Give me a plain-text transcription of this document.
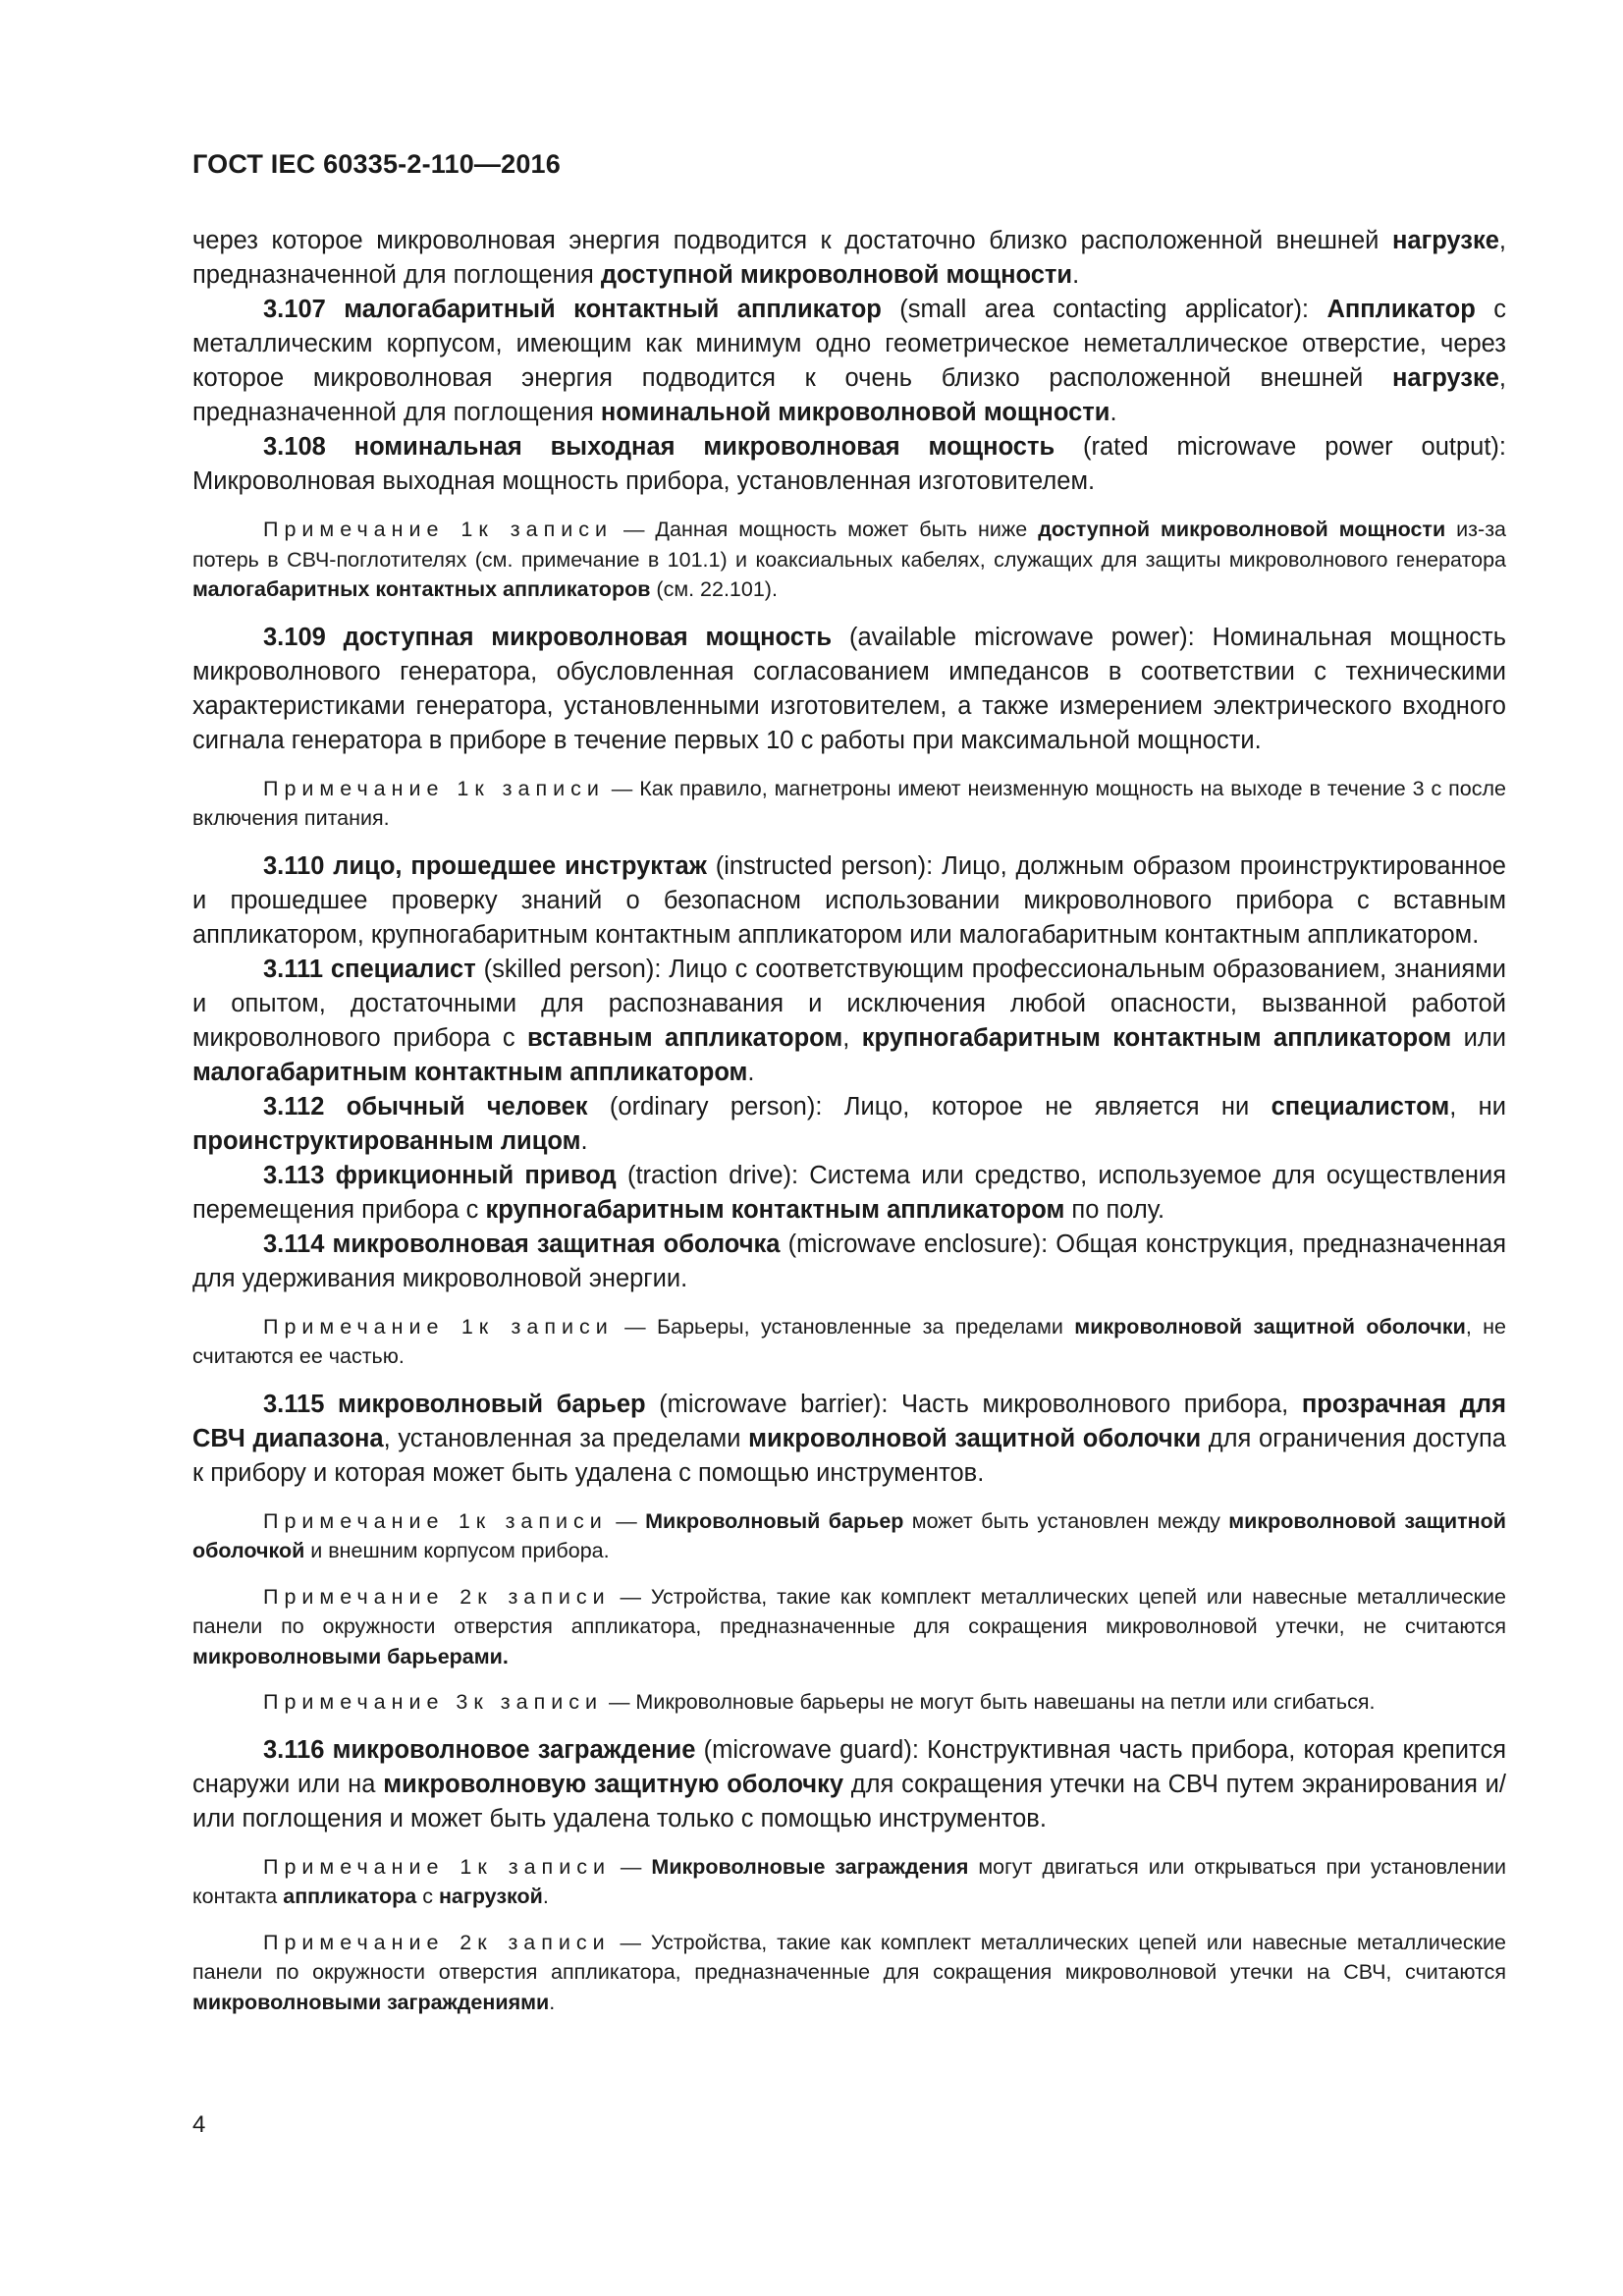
ГОСТ IEC 60335-2-110—2016

через которое микроволновая энергия подводится к достаточно близко расположенной внешней нагрузке, предназначенной для поглощения доступной микроволновой мощности.

3.107 малогабаритный контактный аппликатор (small area contacting applicator): Аппликатор с металлическим корпусом, имеющим как минимум одно геометрическое неметаллическое отверстие, через которое микроволновая энергия подводится к очень близко расположенной внешней нагрузке, предназначенной для поглощения номинальной микроволновой мощности.

3.108 номинальная выходная микроволновая мощность (rated microwave power output): Микроволновая выходная мощность прибора, установленная изготовителем.

Примечание 1к записи — Данная мощность может быть ниже доступной микроволновой мощности из-за потерь в СВЧ-поглотителях (см. примечание в 101.1) и коаксиальных кабелях, служащих для защиты микроволнового генератора малогабаритных контактных аппликаторов (см. 22.101).

3.109 доступная микроволновая мощность (available microwave power): Номинальная мощность микроволнового генератора, обусловленная согласованием импедансов в соответствии с техническими характеристиками генератора, установленными изготовителем, а также измерением электрического входного сигнала генератора в приборе в течение первых 10 с работы при максимальной мощности.

Примечание 1к записи — Как правило, магнетроны имеют неизменную мощность на выходе в течение 3 с после включения питания.

3.110 лицо, прошедшее инструктаж (instructed person): Лицо, должным образом проинструктированное и прошедшее проверку знаний о безопасном использовании микроволнового прибора с вставным аппликатором, крупногабаритным контактным аппликатором или малогабаритным контактным аппликатором.

3.111 специалист (skilled person): Лицо с соответствующим профессиональным образованием, знаниями и опытом, достаточными для распознавания и исключения любой опасности, вызванной работой микроволнового прибора с вставным аппликатором, крупногабаритным контактным аппликатором или малогабаритным контактным аппликатором.

3.112 обычный человек (ordinary person): Лицо, которое не является ни специалистом, ни проинструктированным лицом.

3.113 фрикционный привод (traction drive): Система или средство, используемое для осуществления перемещения прибора с крупногабаритным контактным аппликатором по полу.

3.114 микроволновая защитная оболочка (microwave enclosure): Общая конструкция, предназначенная для удерживания микроволновой энергии.

Примечание 1к записи — Барьеры, установленные за пределами микроволновой защитной оболочки, не считаются ее частью.

3.115 микроволновый барьер (microwave barrier): Часть микроволнового прибора, прозрачная для СВЧ диапазона, установленная за пределами микроволновой защитной оболочки для ограничения доступа к прибору и которая может быть удалена с помощью инструментов.

Примечание 1к записи — Микроволновый барьер может быть установлен между микроволновой защитной оболочкой и внешним корпусом прибора.

Примечание 2к записи — Устройства, такие как комплект металлических цепей или навесные металлические панели по окружности отверстия аппликатора, предназначенные для сокращения микроволновой утечки, не считаются микроволновыми барьерами.

Примечание 3к записи — Микроволновые барьеры не могут быть навешаны на петли или сгибаться.

3.116 микроволновое заграждение (microwave guard): Конструктивная часть прибора, которая крепится снаружи или на микроволновую защитную оболочку для сокращения утечки на СВЧ путем экранирования и/или поглощения и может быть удалена только с помощью инструментов.

Примечание 1к записи — Микроволновые заграждения могут двигаться или открываться при установлении контакта аппликатора с нагрузкой.

Примечание 2к записи — Устройства, такие как комплект металлических цепей или навесные металлические панели по окружности отверстия аппликатора, предназначенные для сокращения микроволновой утечки на СВЧ, считаются микроволновыми заграждениями.

4
